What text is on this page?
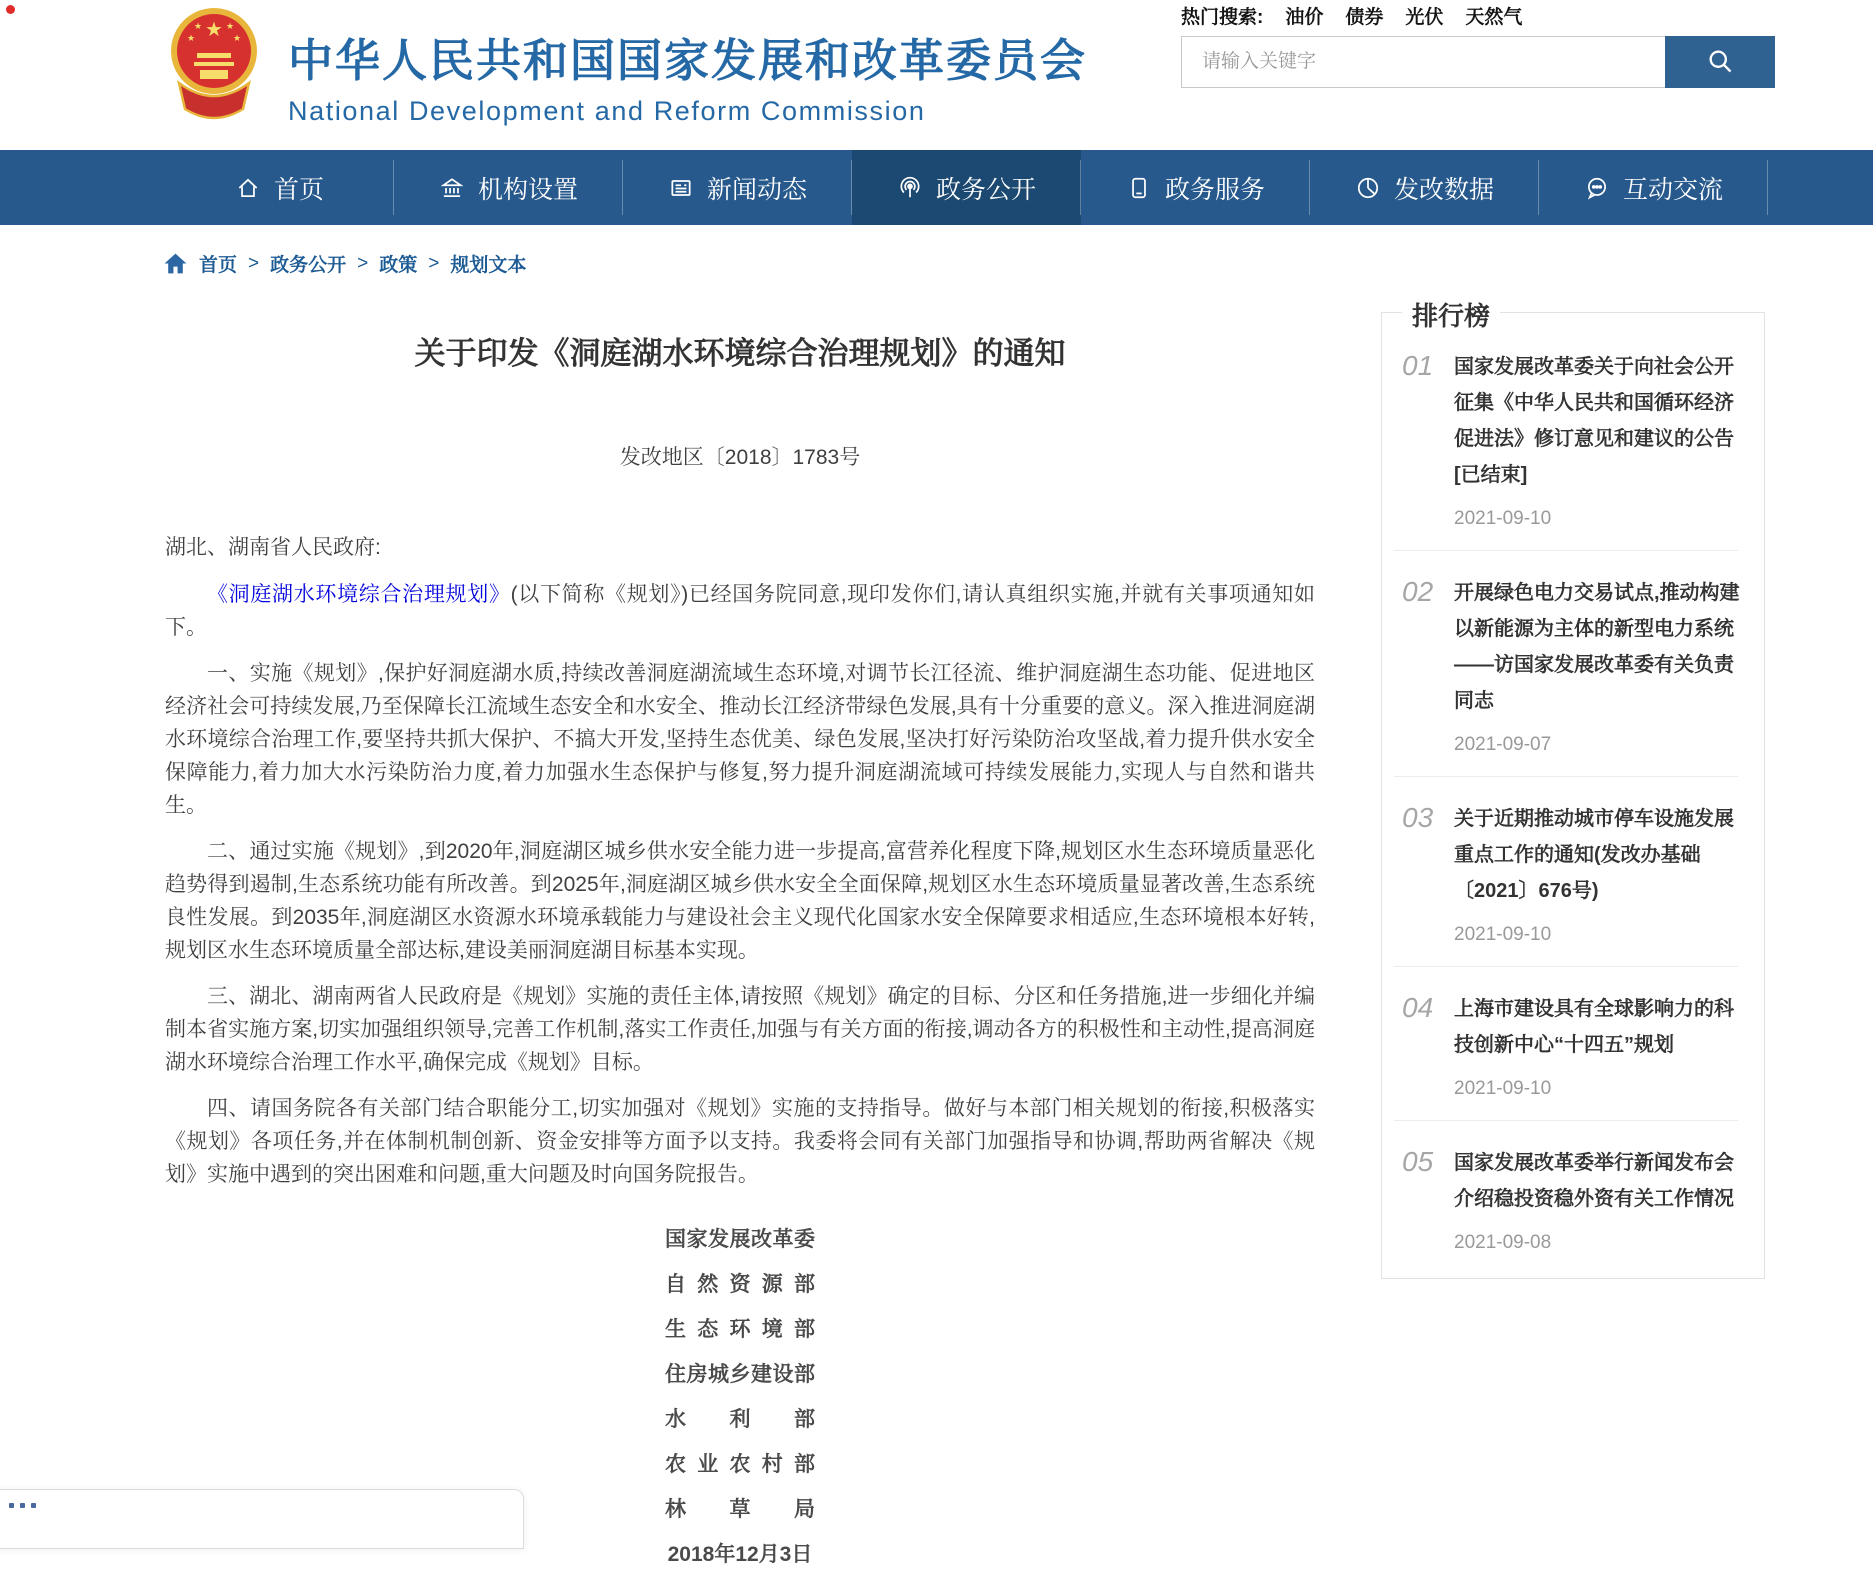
★
★	★
★	★ 中华人民共和国国家发展和改革委员会
National Development and Reform Commission
热门搜索: 油价 债券 光伏 天然气
请输入关键字
首页	机构设置	新闻动态	政务公开	政务服务	发改数据	互动交流
首页 > 政务公开 > 政策 > 规划文本
关于印发《洞庭湖水环境综合治理规划》的通知
发改地区〔2018〕1783号
湖北、湖南省人民政府:

《洞庭湖水环境综合治理规划》(以下简称《规划》)已经国务院同意,现印发你们,请认真组织实施,并就有关事项通知如下。

一、实施《规划》,保护好洞庭湖水质,持续改善洞庭湖流域生态环境,对调节长江径流、维护洞庭湖生态功能、促进地区经济社会可持续发展,乃至保障长江流域生态安全和水安全、推动长江经济带绿色发展,具有十分重要的意义。深入推进洞庭湖水环境综合治理工作,要坚持共抓大保护、不搞大开发,坚持生态优美、绿色发展,坚决打好污染防治攻坚战,着力提升供水安全保障能力,着力加大水污染防治力度,着力加强水生态保护与修复,努力提升洞庭湖流域可持续发展能力,实现人与自然和谐共生。

二、通过实施《规划》,到2020年,洞庭湖区城乡供水安全能力进一步提高,富营养化程度下降,规划区水生态环境质量恶化趋势得到遏制,生态系统功能有所改善。到2025年,洞庭湖区城乡供水安全全面保障,规划区水生态环境质量显著改善,生态系统良性发展。到2035年,洞庭湖区水资源水环境承载能力与建设社会主义现代化国家水安全保障要求相适应,生态环境根本好转,规划区水生态环境质量全部达标,建设美丽洞庭湖目标基本实现。

三、湖北、湖南两省人民政府是《规划》实施的责任主体,请按照《规划》确定的目标、分区和任务措施,进一步细化并编制本省实施方案,切实加强组织领导,完善工作机制,落实工作责任,加强与有关方面的衔接,调动各方的积极性和主动性,提高洞庭湖水环境综合治理工作水平,确保完成《规划》目标。

四、请国务院各有关部门结合职能分工,切实加强对《规划》实施的支持指导。做好与本部门相关规划的衔接,积极落实《规划》各项任务,并在体制机制创新、资金安排等方面予以支持。我委将会同有关部门加强指导和协调,帮助两省解决《规划》实施中遇到的突出困难和问题,重大问题及时向国务院报告。

国家发展改革委
自然资源部
生态环境部
住房城乡建设部
水利部
农业农村部
林草局
2018年12月3日
排行榜
01	国家发展改革委关于向社会公开征集《中华人民共和国循环经济促进法》修订意见和建议的公告[已结束]
2021-09-10
02	开展绿色电力交易试点,推动构建以新能源为主体的新型电力系统——访国家发展改革委有关负责同志
2021-09-07
03	关于近期推动城市停车设施发展重点工作的通知(发改办基础〔2021〕676号)
2021-09-10
04	上海市建设具有全球影响力的科技创新中心“十四五”规划
2021-09-10
05	国家发展改革委举行新闻发布会 介绍稳投资稳外资有关工作情况
2021-09-08
